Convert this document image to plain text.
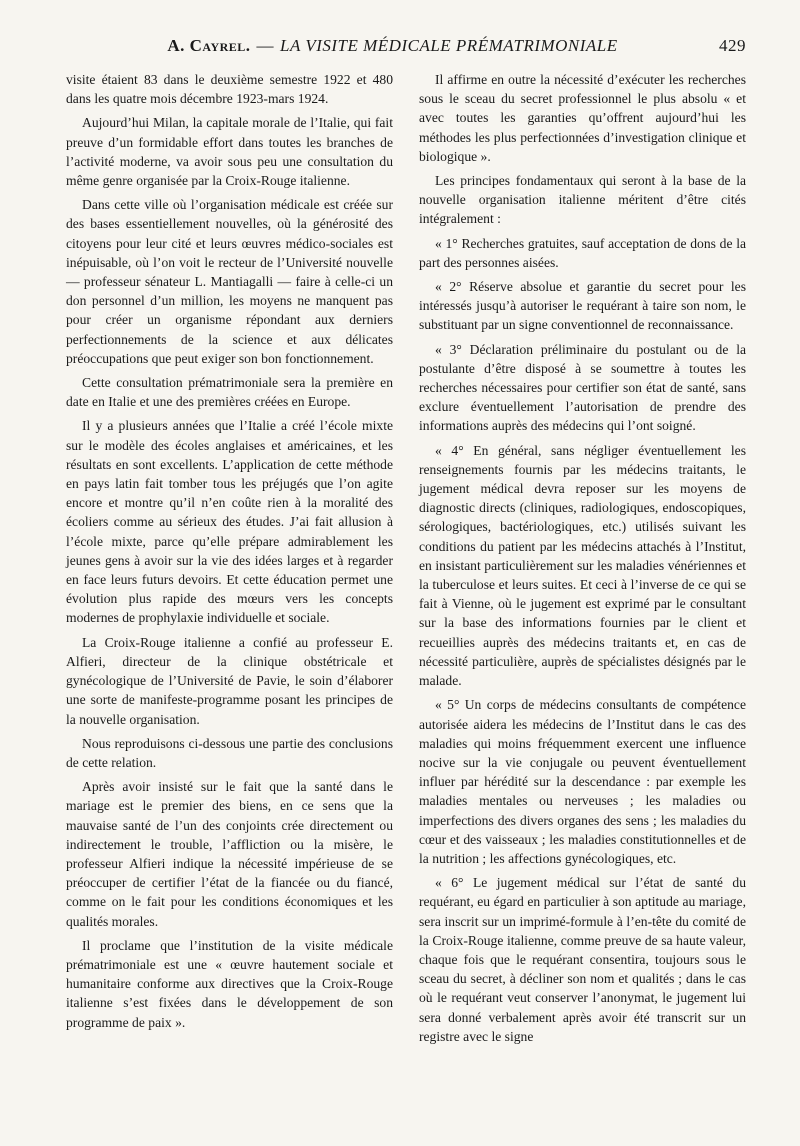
A. Cayrel. — LA VISITE MÉDICALE PRÉMATRIMONIALE	429

visite étaient 83 dans le deuxième semestre 1922 et 480 dans les quatre mois décembre 1923-mars 1924.

Aujourd’hui Milan, la capitale morale de l’Italie, qui fait preuve d’un formidable effort dans toutes les branches de l’activité moderne, va avoir sous peu une consultation du même genre organisée par la Croix-Rouge italienne.

Dans cette ville où l’organisation médicale est créée sur des bases essentiellement nouvelles, où la générosité des citoyens pour leur cité et leurs œuvres médico-sociales est inépuisable, où l’on voit le recteur de l’Université nouvelle — professeur sénateur L. Mantiagalli — faire à celle-ci un don personnel d’un million, les moyens ne manquent pas pour créer un organisme répondant aux derniers perfectionnements de la science et aux délicates préoccupations que peut exiger son bon fonctionnement.

Cette consultation prématrimoniale sera la première en date en Italie et une des premières créées en Europe.

Il y a plusieurs années que l’Italie a créé l’école mixte sur le modèle des écoles anglaises et américaines, et les résultats en sont excellents. L’application de cette méthode en pays latin fait tomber tous les préjugés que l’on agite encore et montre qu’il n’en coûte rien à la moralité des écoliers comme au sérieux des études. J’ai fait allusion à l’école mixte, parce qu’elle prépare admirablement les jeunes gens à avoir sur la vie des idées larges et à regarder en face leurs futurs devoirs. Et cette éducation permet une évolution plus rapide des mœurs vers les concepts modernes de prophylaxie individuelle et sociale.

La Croix-Rouge italienne a confié au professeur E. Alfieri, directeur de la clinique obstétricale et gynécologique de l’Université de Pavie, le soin d’élaborer une sorte de manifeste-programme posant les principes de la nouvelle organisation.

Nous reproduisons ci-dessous une partie des conclusions de cette relation.

Après avoir insisté sur le fait que la santé dans le mariage est le premier des biens, en ce sens que la mauvaise santé de l’un des conjoints crée directement ou indirectement le trouble, l’affliction ou la misère, le professeur Alfieri indique la nécessité impérieuse de se préoccuper de certifier l’état de la fiancée ou du fiancé, comme on le fait pour les conditions économiques et les qualités morales.

Il proclame que l’institution de la visite médicale prématrimoniale est une « œuvre hautement sociale et humanitaire conforme aux directives que la Croix-Rouge italienne s’est fixées dans le développement de son programme de paix ».

Il affirme en outre la nécessité d’exécuter les recherches sous le sceau du secret professionnel le plus absolu « et avec toutes les garanties qu’offrent aujourd’hui les méthodes les plus perfectionnées d’investigation clinique et biologique ».

Les principes fondamentaux qui seront à la base de la nouvelle organisation italienne méritent d’être cités intégralement :

« 1° Recherches gratuites, sauf acceptation de dons de la part des personnes aisées.

« 2° Réserve absolue et garantie du secret pour les intéressés jusqu’à autoriser le requérant à taire son nom, le substituant par un signe conventionnel de reconnaissance.

« 3° Déclaration préliminaire du postulant ou de la postulante d’être disposé à se soumettre à toutes les recherches nécessaires pour certifier son état de santé, sans exclure éventuellement l’autorisation de prendre des informations auprès des médecins qui l’ont soigné.

« 4° En général, sans négliger éventuellement les renseignements fournis par les médecins traitants, le jugement médical devra reposer sur les moyens de diagnostic directs (cliniques, radiologiques, endoscopiques, sérologiques, bactériologiques, etc.) utilisés suivant les conditions du patient par les médecins attachés à l’Institut, en insistant particulièrement sur les maladies vénériennes et la tuberculose et leurs suites. Et ceci à l’inverse de ce qui se fait à Vienne, où le jugement est exprimé par le consultant sur la base des informations fournies par le client et recueillies auprès des médecins traitants et, en cas de nécessité particulière, auprès de spécialistes désignés par le malade.

« 5° Un corps de médecins consultants de compétence autorisée aidera les médecins de l’Institut dans le cas des maladies qui moins fréquemment exercent une influence nocive sur la vie conjugale ou peuvent éventuellement influer par hérédité sur la descendance : par exemple les maladies mentales ou nerveuses ; les maladies ou imperfections des divers organes des sens ; les maladies du cœur et des vaisseaux ; les maladies constitutionnelles et de la nutrition ; les affections gynécologiques, etc.

« 6° Le jugement médical sur l’état de santé du requérant, eu égard en particulier à son aptitude au mariage, sera inscrit sur un imprimé-formule à l’en-tête du comité de la Croix-Rouge italienne, comme preuve de sa haute valeur, chaque fois que le requérant consentira, toujours sous le sceau du secret, à décliner son nom et qualités ; dans le cas où le requérant veut conserver l’anonymat, le jugement lui sera donné verbalement après avoir été transcrit sur un registre avec le signe
